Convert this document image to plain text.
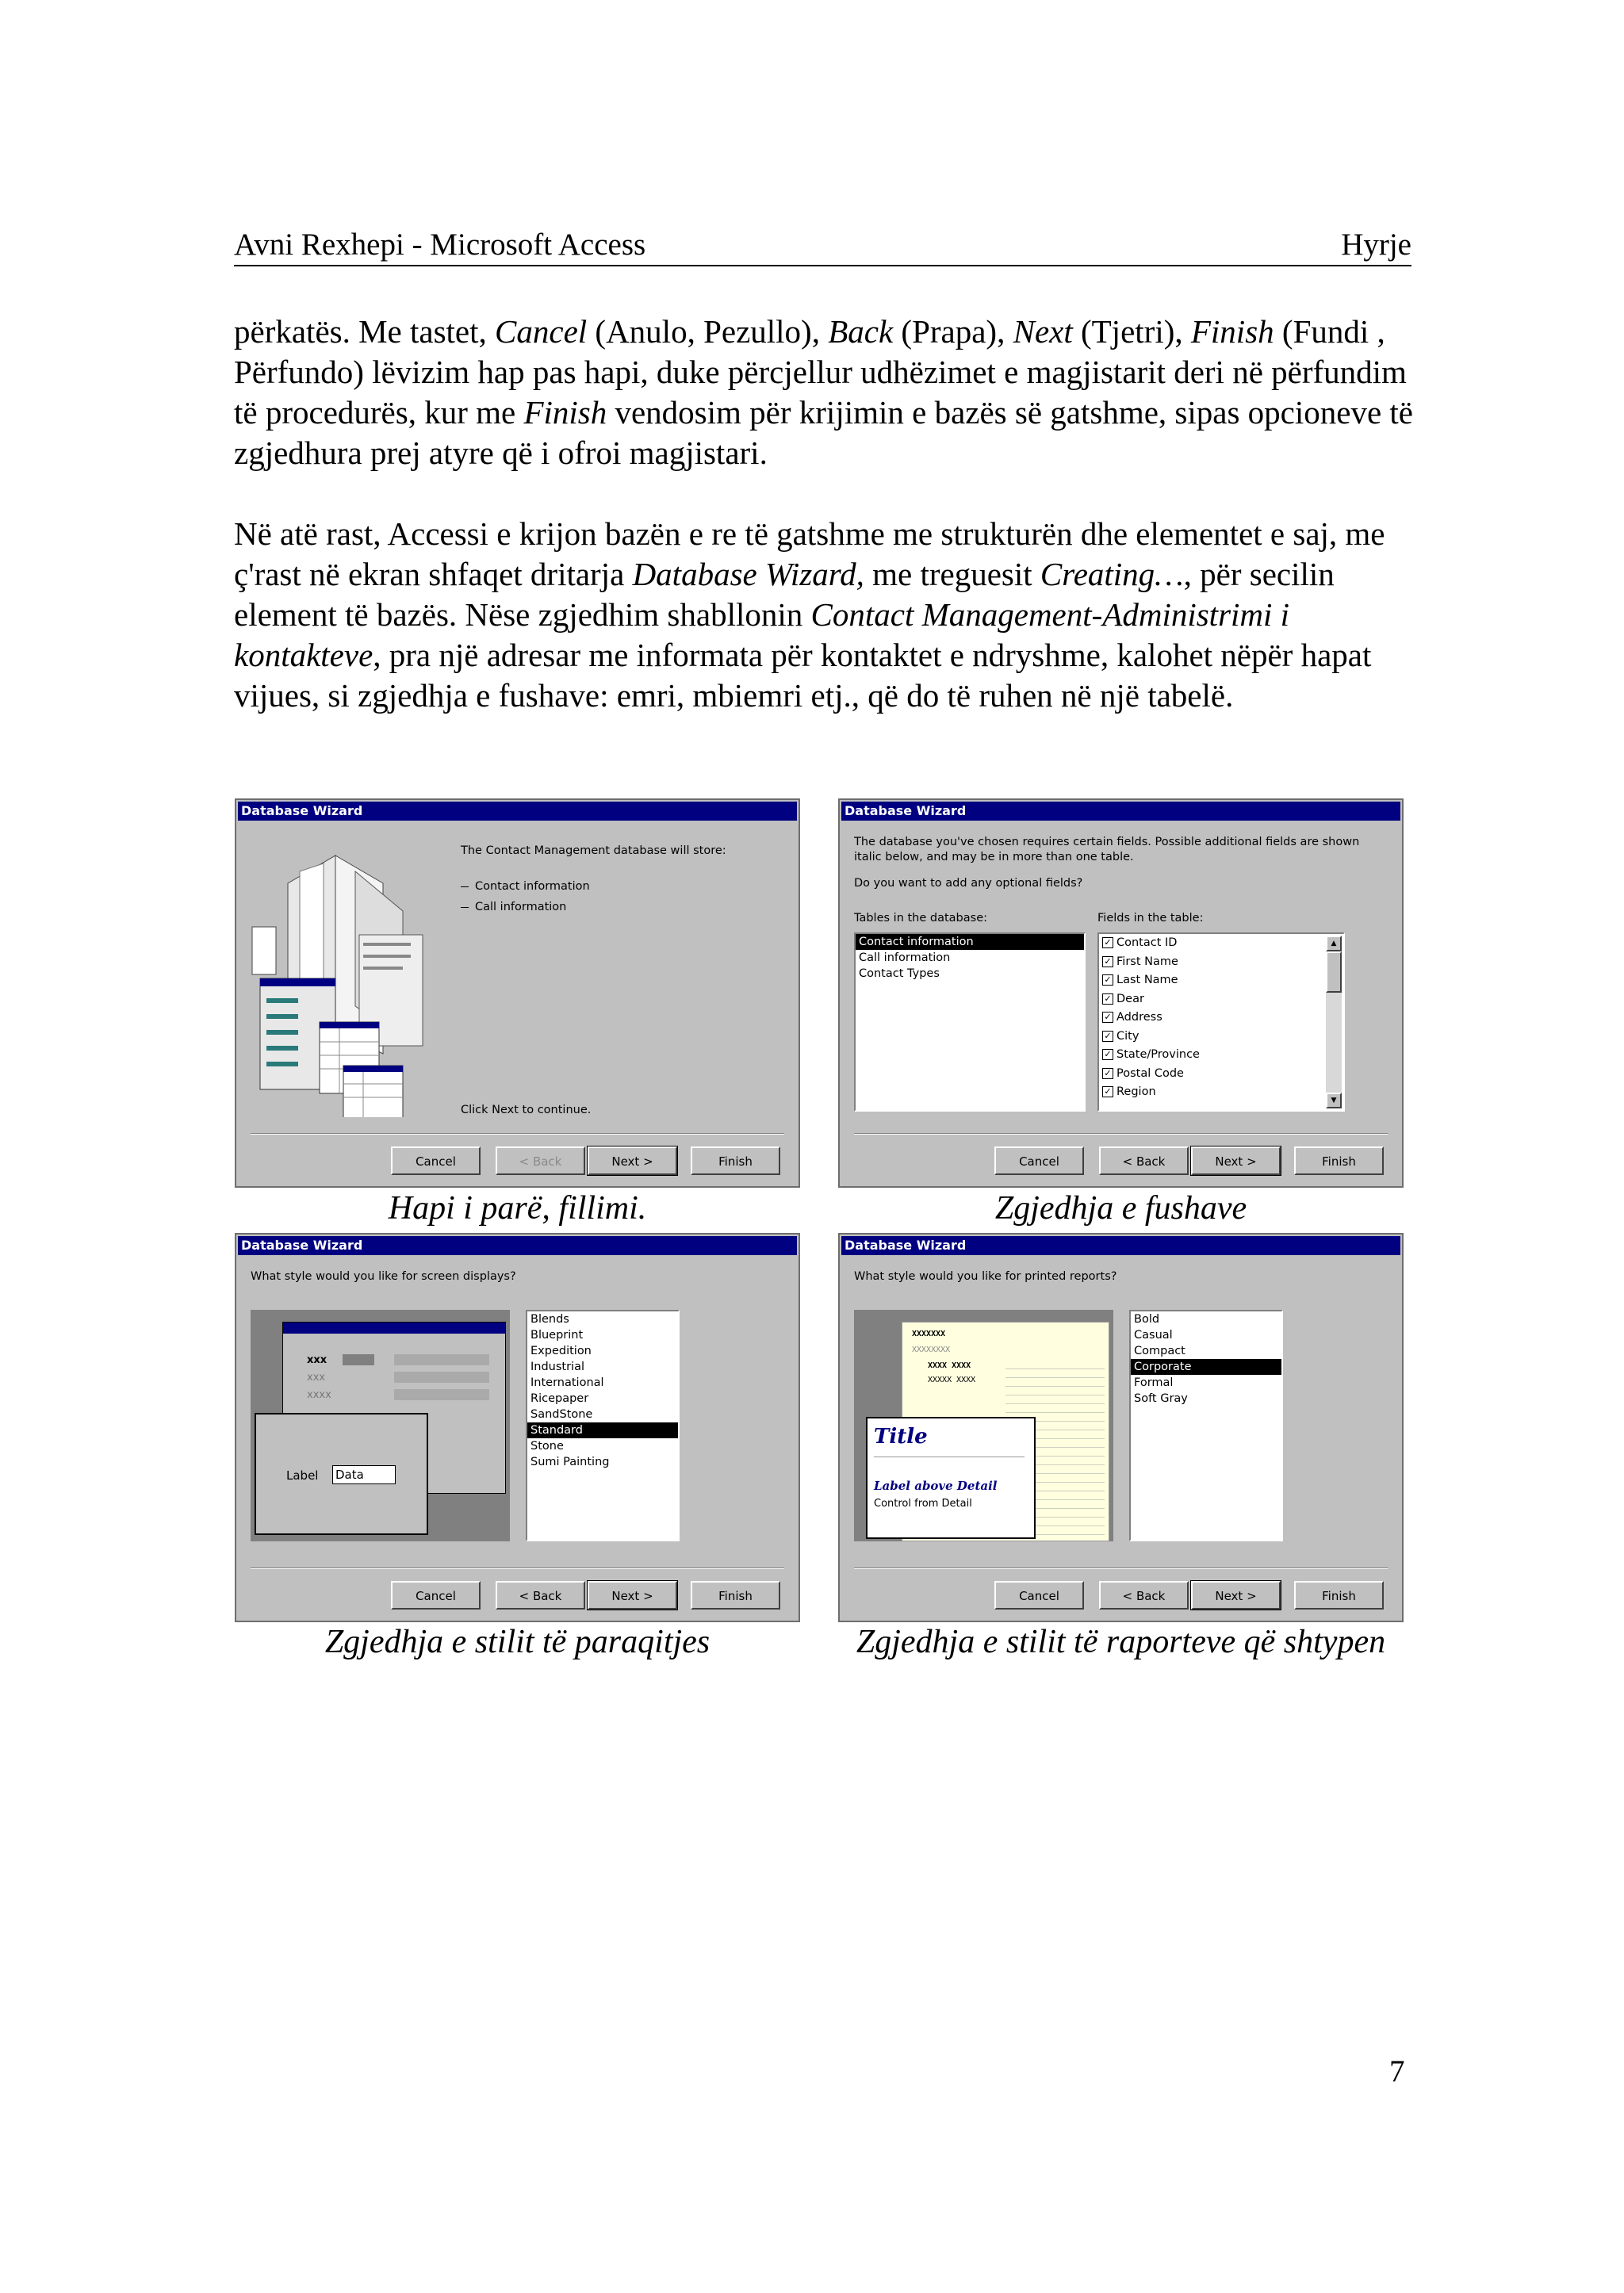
Avni Rexhepi - Microsoft Access	Hyrje

përkatës. Me tastet, Cancel (Anulo, Pezullo), Back (Prapa), Next (Tjetri), Finish (Fundi , Përfundo) lëvizim hap pas hapi, duke përcjellur udhëzimet e magjistarit deri në përfundim të procedurës, kur me Finish vendosim për krijimin e bazës së gatshme, sipas opcioneve të zgjedhura prej atyre që i ofroi magjistari.

Në atë rast, Accessi e krijon bazën e re të gatshme me strukturën dhe elementet e saj, me ç'rast në ekran shfaqet dritarja Database Wizard, me treguesit Creating…, për secilin element të bazës. Nëse zgjedhim shabllonin Contact Management-Administrimi i kontakteve, pra një adresar me informata për kontaktet e ndryshme, kalohet nëpër hapat vijues, si zgjedhja e fushave: emri, mbiemri etj., që do të ruhen në një tabelë.

Database Wizard
The Contact Management database will store:
Contact information
Call information
Click Next to continue.
Cancel	< Back	Next >	Finish
Database Wizard
The database you've chosen requires certain fields. Possible additional fields are shown italic below, and may be in more than one table.
Do you want to add any optional fields?
Tables in the database:	Fields in the table:
Contact information
Call information
Contact Types
✓ Contact ID
✓ First Name
✓ Last Name
✓ Dear
✓ Address
✓ City
✓ State/Province
✓ Postal Code
✓ Region
▲
▼
Cancel	< Back	Next >	Finish
Hapi i parë, fillimi.	Zgjedhja e fushave
Database Wizard
What style would you like for screen displays?
xxx
xxx
xxxx
Label Data
Blends
Blueprint
Expedition
Industrial
International
Ricepaper
SandStone
Standard
Stone
Sumi Painting
Cancel	< Back	Next >	Finish
Database Wizard
What style would you like for printed reports?
XXXXXXX
XXXXXXXX
XXXX XXXX
XXXXX XXXX
Title
Label above Detail
Control from Detail
Bold
Casual
Compact
Corporate
Formal
Soft Gray
Cancel	< Back	Next >	Finish
Zgjedhja e stilit të paraqitjes	Zgjedhja e stilit të raporteve që shtypen
7
